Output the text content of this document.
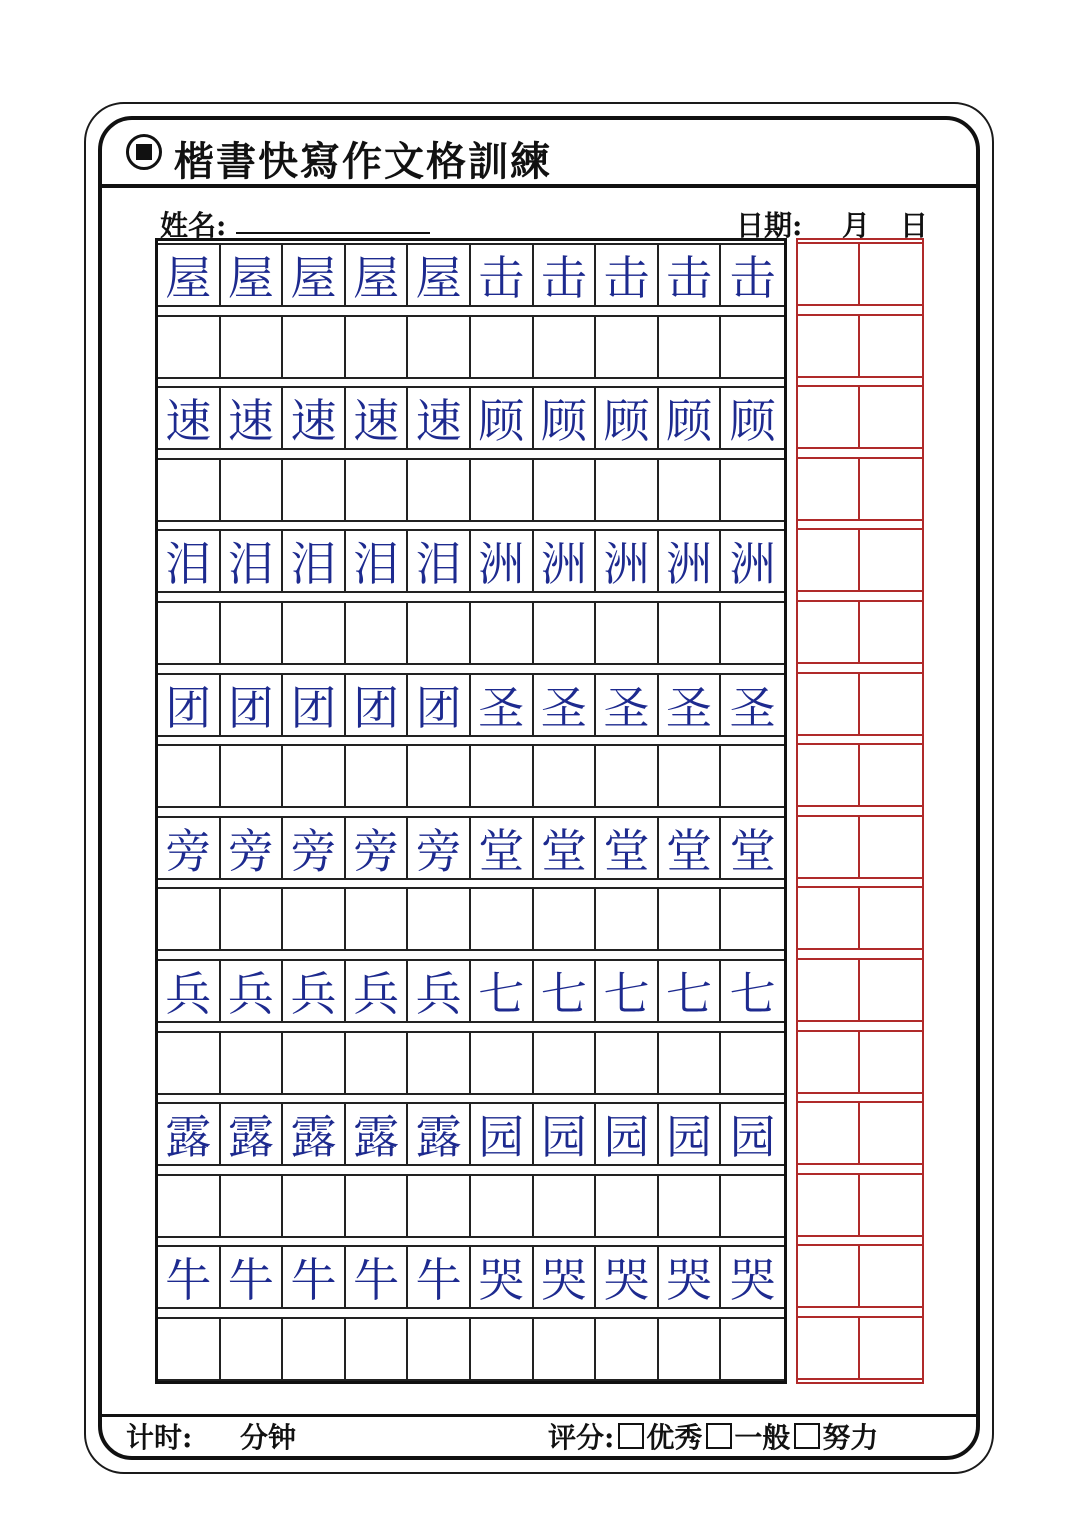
楷書快寫作文格訓練
姓名:	日期: 月 日
屋 屋 屋 屋 屋 击 击 击 击 击
速 速 速 速 速 顾 顾 顾 顾 顾
泪 泪 泪 泪 泪 洲 洲 洲 洲 洲
团 团 团 团 团 圣 圣 圣 圣 圣
旁 旁 旁 旁 旁 堂 堂 堂 堂 堂
兵 兵 兵 兵 兵 七 七 七 七 七
露 露 露 露 露 园 园 园 园 园
牛 牛 牛 牛 牛 哭 哭 哭 哭 哭
计时: 分钟	评分: 优秀 一般 努力
